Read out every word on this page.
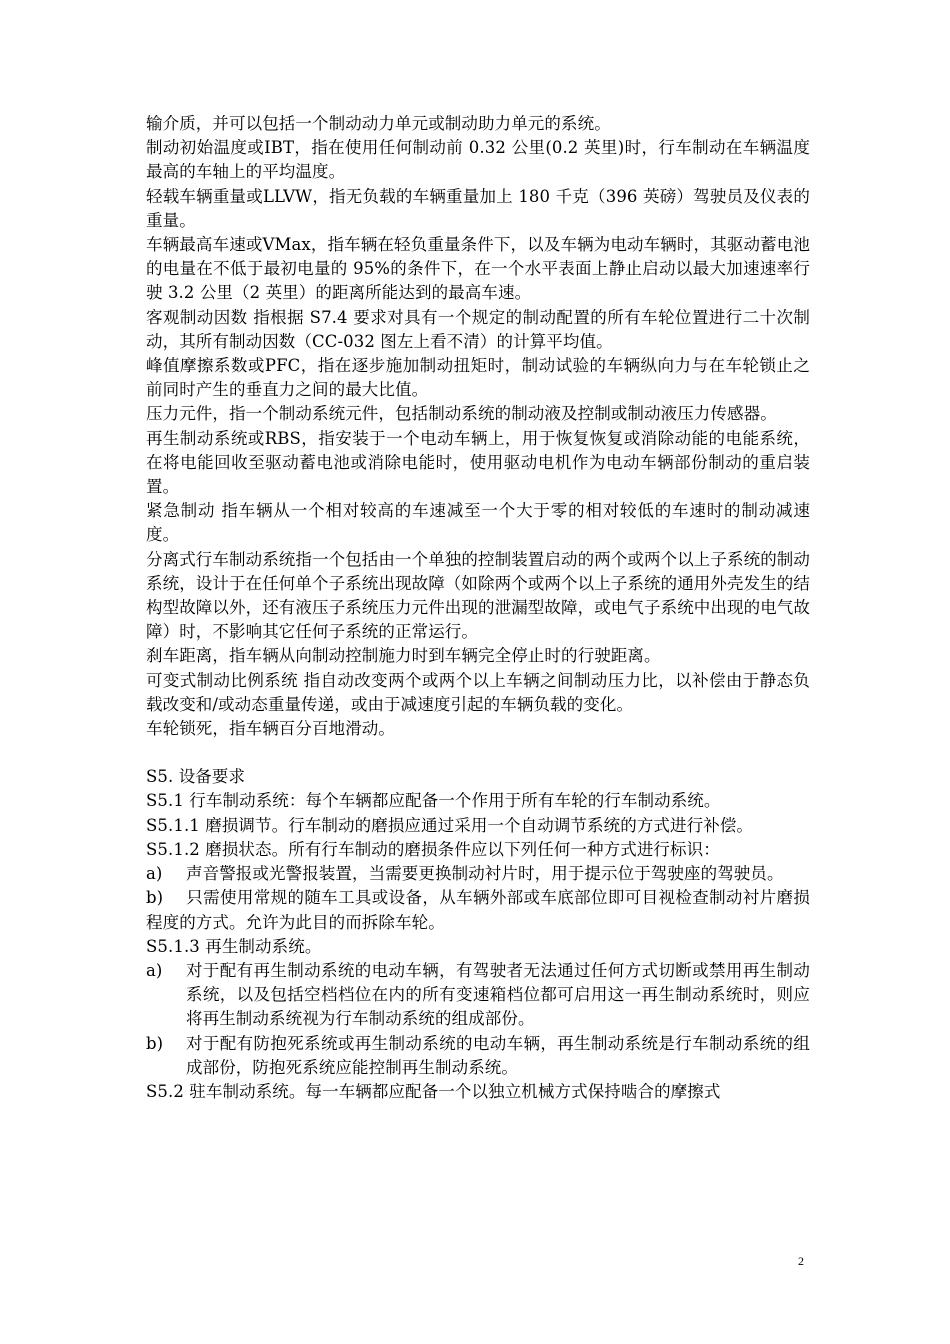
输介质，并可以包括一个制动动力单元或制动助力单元的系统。

制动初始温度或IBT，指在使用任何制动前 0.32 公里(0.2 英里)时，行车制动在车辆温度最高的车轴上的平均温度。

轻载车辆重量或LLVW，指无负载的车辆重量加上 180 千克（396 英磅）驾驶员及仪表的重量。

车辆最高车速或VMax，指车辆在轻负重量条件下，以及车辆为电动车辆时，其驱动蓄电池的电量在不低于最初电量的 95%的条件下，在一个水平表面上静止启动以最大加速速率行驶 3.2 公里（2 英里）的距离所能达到的最高车速。

客观制动因数 指根据 S7.4 要求对具有一个规定的制动配置的所有车轮位置进行二十次制动，其所有制动因数（CC-032 图左上看不清）的计算平均值。

峰值摩擦系数或PFC，指在逐步施加制动扭矩时，制动试验的车辆纵向力与在车轮锁止之前同时产生的垂直力之间的最大比值。

压力元件，指一个制动系统元件，包括制动系统的制动液及控制或制动液压力传感器。

再生制动系统或RBS，指安装于一个电动车辆上，用于恢复恢复或消除动能的电能系统，在将电能回收至驱动蓄电池或消除电能时，使用驱动电机作为电动车辆部份制动的重启装置。

紧急制动 指车辆从一个相对较高的车速减至一个大于零的相对较低的车速时的制动减速度。

分离式行车制动系统指一个包括由一个单独的控制装置启动的两个或两个以上子系统的制动系统，设计于在任何单个子系统出现故障（如除两个或两个以上子系统的通用外壳发生的结构型故障以外，还有液压子系统压力元件出现的泄漏型故障，或电气子系统中出现的电气故障）时，不影响其它任何子系统的正常运行。

刹车距离，指车辆从向制动控制施力时到车辆完全停止时的行驶距离。

可变式制动比例系统 指自动改变两个或两个以上车辆之间制动压力比，以补偿由于静态负载改变和/或动态重量传递，或由于减速度引起的车辆负载的变化。

车轮锁死，指车辆百分百地滑动。

S5. 设备要求

S5.1 行车制动系统：每个车辆都应配备一个作用于所有车轮的行车制动系统。

S5.1.1 磨损调节。行车制动的磨损应通过采用一个自动调节系统的方式进行补偿。

S5.1.2 磨损状态。所有行车制动的磨损条件应以下列任何一种方式进行标识：

a) 声音警报或光警报装置，当需要更换制动衬片时，用于提示位于驾驶座的驾驶员。

b) 只需使用常规的随车工具或设备，从车辆外部或车底部位即可目视检查制动衬片磨损程度的方式。允许为此目的而拆除车轮。

S5.1.3 再生制动系统。

a)	对于配有再生制动系统的电动车辆，有驾驶者无法通过任何方式切断或禁用再生制动系统，以及包括空档档位在内的所有变速箱档位都可启用这一再生制动系统时，则应将再生制动系统视为行车制动系统的组成部份。
b)	对于配有防抱死系统或再生制动系统的电动车辆，再生制动系统是行车制动系统的组成部份，防抱死系统应能控制再生制动系统。

S5.2 驻车制动系统。每一车辆都应配备一个以独立机械方式保持啮合的摩擦式

2
